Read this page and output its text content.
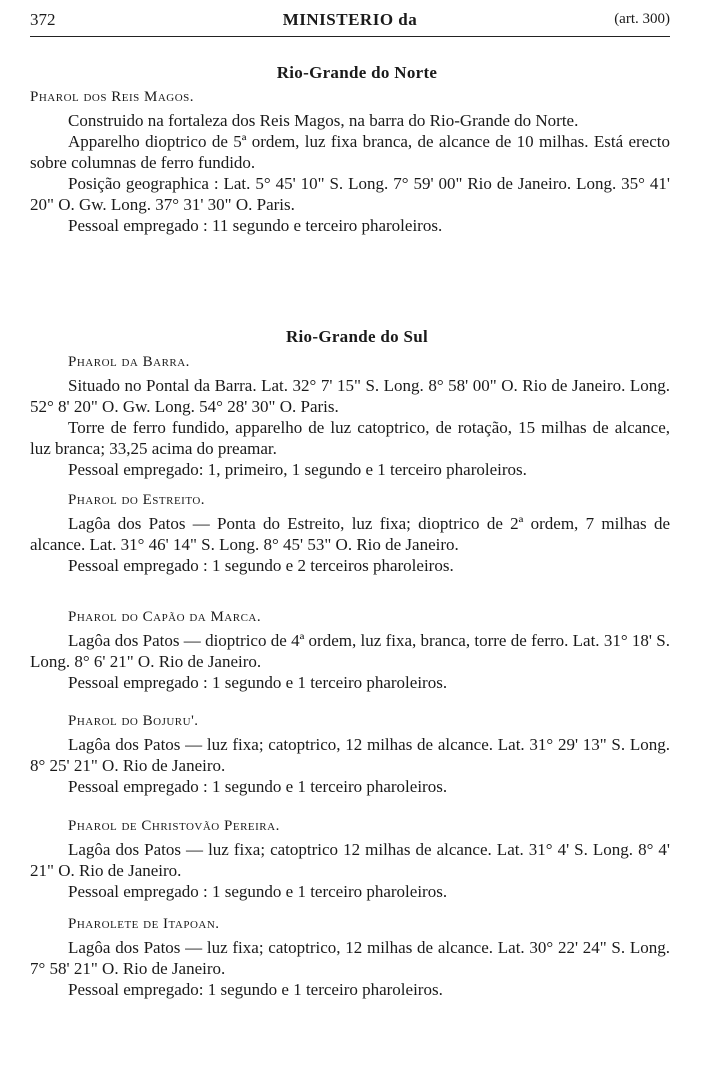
372	MINISTERIO da	(art. 300)
Rio-Grande do Norte

Pharol dos Reis Magos.

Construido na fortaleza dos Reis Magos, na barra do Rio-Grande do Norte.

Apparelho dioptrico de 5ª ordem, luz fixa branca, de alcance de 10 milhas. Está erecto sobre columnas de ferro fundido.

Posição geographica : Lat. 5° 45' 10" S. Long. 7° 59' 00" Rio de Janeiro. Long. 35° 41' 20" O. Gw. Long. 37° 31' 30" O. Paris.

Pessoal empregado : 11 segundo e terceiro pharoleiros.

Rio-Grande do Sul

Pharol da Barra.

Situado no Pontal da Barra. Lat. 32° 7' 15" S. Long. 8° 58' 00" O. Rio de Janeiro. Long. 52° 8' 20" O. Gw. Long. 54° 28' 30" O. Paris.

Torre de ferro fundido, apparelho de luz catoptrico, de rotação, 15 milhas de alcance, luz branca; 33,25 acima do preamar.

Pessoal empregado: 1, primeiro, 1 segundo e 1 terceiro pharoleiros.

Pharol do Estreito.

Lagôa dos Patos — Ponta do Estreito, luz fixa; dioptrico de 2ª ordem, 7 milhas de alcance. Lat. 31° 46' 14" S. Long. 8° 45' 53" O. Rio de Janeiro.

Pessoal empregado : 1 segundo e 2 terceiros pharoleiros.

Pharol do Capão da Marca.

Lagôa dos Patos — dioptrico de 4ª ordem, luz fixa, branca, torre de ferro. Lat. 31° 18' S. Long. 8° 6' 21" O. Rio de Janeiro.

Pessoal empregado : 1 segundo e 1 terceiro pharoleiros.

Pharol do Bojuru'.

Lagôa dos Patos — luz fixa; catoptrico, 12 milhas de alcance. Lat. 31° 29' 13" S. Long. 8° 25' 21" O. Rio de Janeiro.

Pessoal empregado : 1 segundo e 1 terceiro pharoleiros.

Pharol de Christovão Pereira.

Lagôa dos Patos — luz fixa; catoptrico 12 milhas de alcance. Lat. 31° 4' S. Long. 8° 4' 21" O. Rio de Janeiro.

Pessoal empregado : 1 segundo e 1 terceiro pharoleiros.

Pharolete de Itapoan.

Lagôa dos Patos — luz fixa; catoptrico, 12 milhas de alcance. Lat. 30° 22' 24" S. Long. 7° 58' 21" O. Rio de Janeiro.

Pessoal empregado: 1 segundo e 1 terceiro pharoleiros.
